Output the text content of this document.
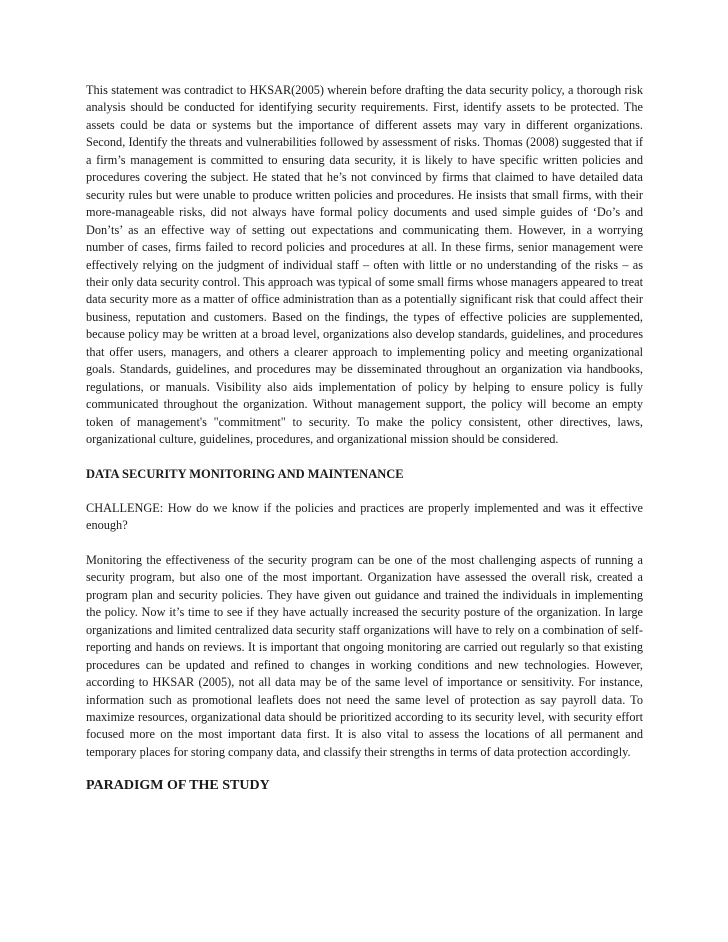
This statement was contradict to HKSAR(2005) wherein before drafting the data security policy, a thorough risk analysis should be conducted for identifying security requirements. First, identify assets to be protected. The assets could be data or systems but the importance of different assets may vary in different organizations. Second, Identify the threats and vulnerabilities followed by assessment of risks. Thomas (2008) suggested that if a firm’s management is committed to ensuring data security, it is likely to have specific written policies and procedures covering the subject. He stated that he’s not convinced by firms that claimed to have detailed data security rules but were unable to produce written policies and procedures. He insists that small firms, with their more-manageable risks, did not always have formal policy documents and used simple guides of ‘Do’s and Don’ts’ as an effective way of setting out expectations and communicating them. However, in a worrying number of cases, firms failed to record policies and procedures at all. In these firms, senior management were effectively relying on the judgment of individual staff – often with little or no understanding of the risks – as their only data security control. This approach was typical of some small firms whose managers appeared to treat data security more as a matter of office administration than as a potentially significant risk that could affect their business, reputation and customers. Based on the findings, the types of effective policies are supplemented, because policy may be written at a broad level, organizations also develop standards, guidelines, and procedures that offer users, managers, and others a clearer approach to implementing policy and meeting organizational goals. Standards, guidelines, and procedures may be disseminated throughout an organization via handbooks, regulations, or manuals. Visibility also aids implementation of policy by helping to ensure policy is fully communicated throughout the organization. Without management support, the policy will become an empty token of management's "commitment" to security. To make the policy consistent, other directives, laws, organizational culture, guidelines, procedures, and organizational mission should be considered.

DATA SECURITY MONITORING AND MAINTENANCE

CHALLENGE: How do we know if the policies and practices are properly implemented and was it effective enough?

Monitoring the effectiveness of the security program can be one of the most challenging aspects of running a security program, but also one of the most important. Organization have assessed the overall risk, created a program plan and security policies. They have given out guidance and trained the individuals in implementing the policy. Now it’s time to see if they have actually increased the security posture of the organization. In large organizations and limited centralized data security staff organizations will have to rely on a combination of self-reporting and hands on reviews. It is important that ongoing monitoring are carried out regularly so that existing procedures can be updated and refined to changes in working conditions and new technologies. However, according to HKSAR (2005), not all data may be of the same level of importance or sensitivity. For instance, information such as promotional leaflets does not need the same level of protection as say payroll data. To maximize resources, organizational data should be prioritized according to its security level, with security effort focused more on the most important data first. It is also vital to assess the locations of all permanent and temporary places for storing company data, and classify their strengths in terms of data protection accordingly.

PARADIGM OF THE STUDY
